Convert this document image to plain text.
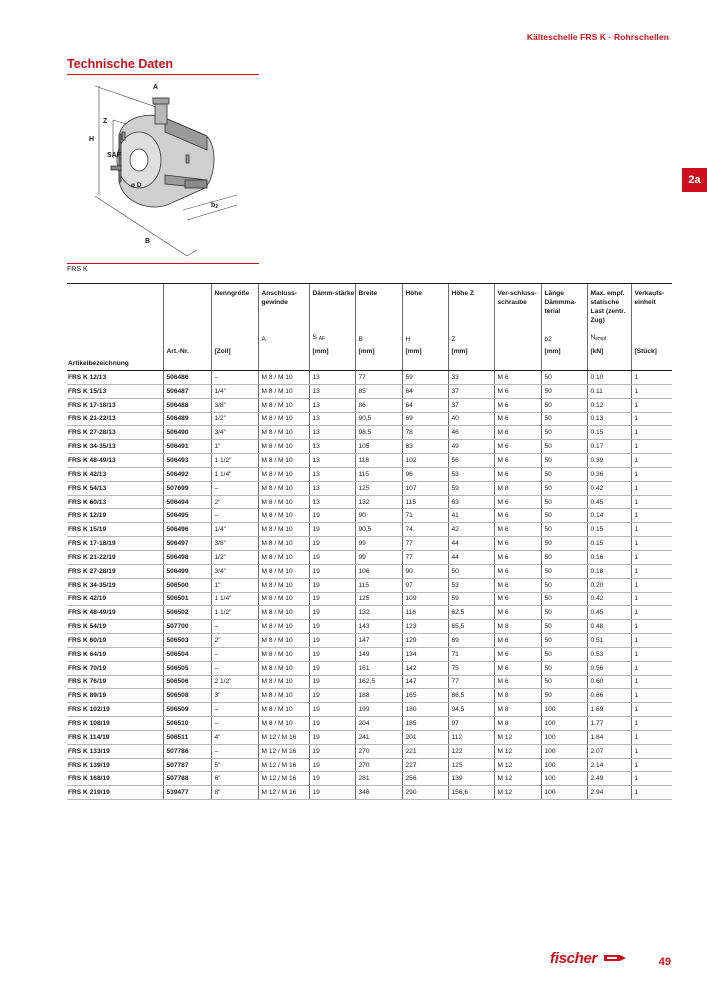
Kälteschelle FRS K · Rohrschellen
Technische Daten
A
Z
H
SAF
ø D
$b_2$
B
FRS K
2a
		Nenngröße	Anschluss-gewinde	Dämm-stärke	Breite	Höhe	Höhe Z	Ver-schluss-schraube	Länge Dämmma-terial	Max. empf. statische Last (zentr. Zug)	Verkaufs-einheit
			A	S $_{AF}$	B	H	Z		b2	$N_{empf.}$	
	Art.-Nr.	[Zoll]		[mm]	[mm]	[mm]	[mm]		[mm]	[kN]	[Stück]
Artikelbezeichnung											
FRS K 12/13	506486	–	M 8 / M 10	13	77	59	33	M 6	50	0.10	1
FRS K 15/13	506487	1/4"	M 8 / M 10	13	85	64	37	M 6	50	0.11	1
FRS K 17-18/13	506488	3/8"	M 8 / M 10	13	86	64	37	M 6	50	0.12	1
FRS K 21-22/13	506489	1/2"	M 8 / M 10	13	90,5	69	40	M 6	50	0.13	1
FRS K 27-28/13	506490	3/4"	M 8 / M 10	13	98,5	78	46	M 6	50	0.15	1
FRS K 34-35/13	506491	1"	M 8 / M 10	13	105	83	49	M 6	50	0.17	1
FRS K 48-49/13	506493	1 1/2"	M 8 / M 10	13	118	102	56	M 6	50	0.39	1
FRS K 42/13	506492	1 1/4"	M 8 / M 10	13	115	96	53	M 6	50	0.36	1
FRS K 54/13	507699	–	M 8 / M 10	13	125	107	59	M 8	50	0.42	1
FRS K 60/13	506494	2"	M 8 / M 10	13	132	115	63	M 6	50	0.45	1
FRS K 12/19	506495	–	M 8 / M 10	19	90	71	41	M 6	50	0.14	1
FRS K 15/19	506496	1/4"	M 8 / M 10	19	90,5	74	42	M 6	50	0.15	1
FRS K 17-18/19	506497	3/8"	M 8 / M 10	19	99	77	44	M 6	50	0.15	1
FRS K 21-22/19	506498	1/2"	M 8 / M 10	19	99	77	44	M 6	50	0.16	1
FRS K 27-28/19	506499	3/4"	M 8 / M 10	19	106	90	50	M 6	50	0.18	1
FRS K 34-35/19	506500	1"	M 8 / M 10	19	115	97	53	M 6	50	0.20	1
FRS K 42/19	506501	1 1/4"	M 8 / M 10	19	125	109	59	M 6	50	0.42	1
FRS K 48-49/19	506502	1 1/2"	M 8 / M 10	19	132	116	62,5	M 6	50	0.45	1
FRS K 54/19	507700	–	M 8 / M 10	19	143	123	65,5	M 8	50	0.48	1
FRS K 60/19	506503	2"	M 8 / M 10	19	147	129	69	M 6	50	0.51	1
FRS K 64/19	506504	–	M 8 / M 10	19	149	134	71	M 6	50	0.53	1
FRS K 70/19	506505	–	M 8 / M 10	19	161	142	75	M 6	50	0.56	1
FRS K 76/19	506506	2 1/2"	M 8 / M 10	19	162,5	147	77	M 6	50	0.60	1
FRS K 89/19	506508	3"	M 8 / M 10	19	188	165	86,5	M 8	50	0.66	1
FRS K 102/19	506509	–	M 8 / M 10	19	199	180	94,5	M 8	100	1.69	1
FRS K 108/19	506510	–	M 8 / M 10	19	204	185	97	M 8	100	1.77	1
FRS K 114/19	506511	4"	M 12 / M 16	19	241	201	112	M 12	100	1.84	1
FRS K 133/19	507786	–	M 12 / M 16	19	270	221	122	M 12	100	2.07	1
FRS K 139/19	507787	5"	M 12 / M 16	19	270	227	125	M 12	100	2.14	1
FRS K 168/19	507788	6"	M 12 / M 16	19	281	256	139	M 12	100	2.49	1
FRS K 219/19	539477	8"	M 12 / M 16	19	346	290	156,6	M 12	100	2.94	1
fischer	49
